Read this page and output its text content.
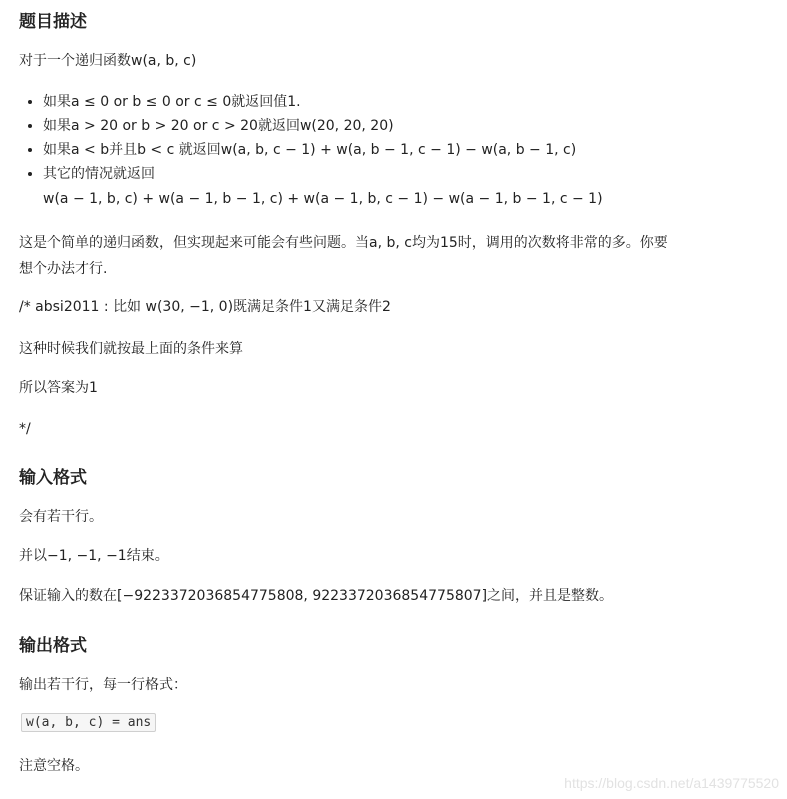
题目描述

对于一个递归函数w(a, b, c)

• 如果a ≤ 0 or b ≤ 0 or c ≤ 0就返回值1.
• 如果a > 20 or b > 20 or c > 20就返回w(20, 20, 20)
• 如果a < b并且b < c 就返回w(a, b, c − 1) + w(a, b − 1, c − 1) − w(a, b − 1, c)
• 其它的情况就返回

w(a − 1, b, c) + w(a − 1, b − 1, c) + w(a − 1, b, c − 1) − w(a − 1, b − 1, c − 1)

这是个简单的递归函数，但实现起来可能会有些问题。当a, b, c均为15时，调用的次数将非常的多。你要

想个办法才行.

/* absi2011 : 比如 w(30, −1, 0)既满足条件1又满足条件2

这种时候我们就按最上面的条件来算

所以答案为1

*/

输入格式

会有若干行。

并以−1, −1, −1结束。

保证输入的数在[−9223372036854775808, 9223372036854775807]之间，并且是整数。

输出格式

输出若干行，每一行格式：

w(a, b, c) = ans

注意空格。

https://blog.csdn.net/a1439775520
